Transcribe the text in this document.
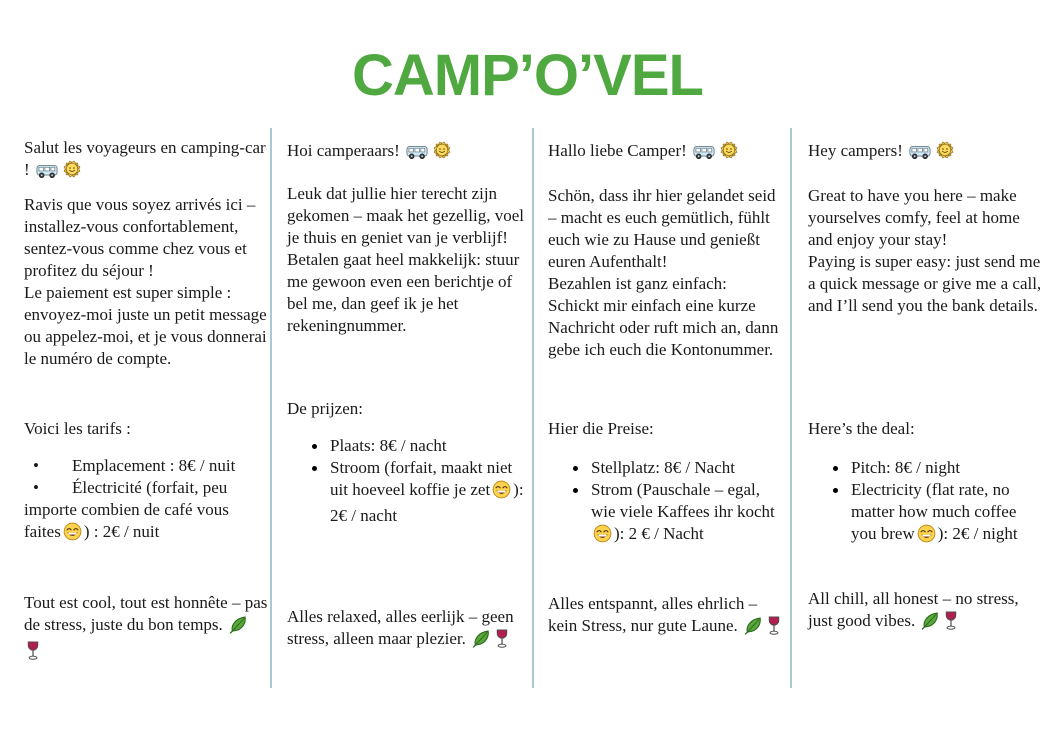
CAMP’O’VEL

Salut les voyageurs en camping-car !

Ravis que vous soyez arrivés ici – installez-vous confortablement, sentez-vous comme chez vous et profitez du séjour !

Le paiement est super simple : envoyez-moi juste un petit message ou appelez-moi, et je vous donnerai le numéro de compte.

Voici les tarifs :

• Emplacement : 8€ / nuit

• Électricité (forfait, peu importe combien de café vous faites ) : 2€ / nuit

Tout est cool, tout est honnête – pas de stress, juste du bon temps.

Hoi camperaars!

Leuk dat jullie hier terecht zijn gekomen – maak het gezellig, voel je thuis en geniet van je verblijf!

Betalen gaat heel makkelijk: stuur me gewoon even een berichtje of bel me, dan geef ik je het rekeningnummer.

De prijzen:

Plaats: 8€ / nacht

Stroom (forfait, maakt niet uit hoeveel koffie je zet ): 2€ / nacht

Alles relaxed, alles eerlijk – geen stress, alleen maar plezier.

Hallo liebe Camper!

Schön, dass ihr hier gelandet seid – macht es euch gemütlich, fühlt euch wie zu Hause und genießt euren Aufenthalt!

Bezahlen ist ganz einfach:

Schickt mir einfach eine kurze Nachricht oder ruft mich an, dann gebe ich euch die Kontonummer.

Hier die Preise:

Stellplatz: 8€ / Nacht

Strom (Pauschale – egal, wie viele Kaffees ihr kocht): 2 € / Nacht

Alles entspannt, alles ehrlich – kein Stress, nur gute Laune.

Hey campers!

Great to have you here – make yourselves comfy, feel at home and enjoy your stay!

Paying is super easy: just send me a quick message or give me a call, and I’ll send you the bank details.

Here’s the deal:

Pitch: 8€ / night

Electricity (flat rate, no matter how much coffee you brew ): 2€ / night

All chill, all honest – no stress, just good vibes.
